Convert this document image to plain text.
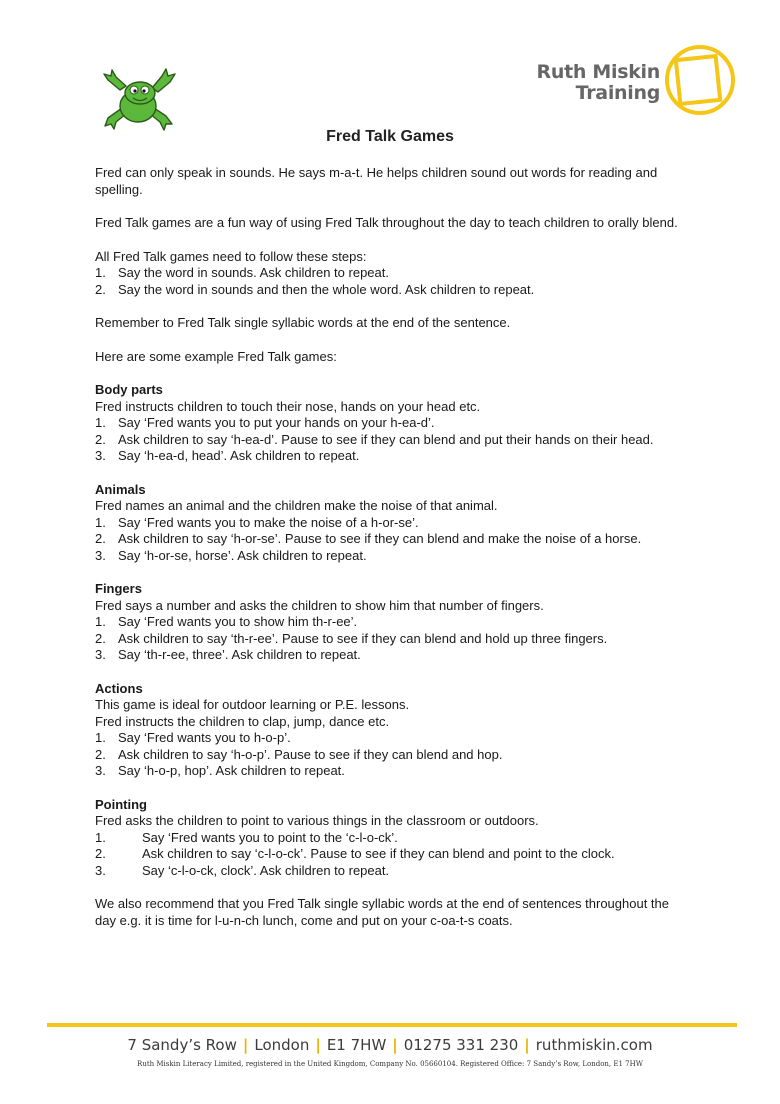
Ruth Miskin
Training
Fred Talk Games

Fred can only speak in sounds. He says m-a-t. He helps children sound out words for reading and spelling.

Fred Talk games are a fun way of using Fred Talk throughout the day to teach children to orally blend.

All Fred Talk games need to follow these steps:

1. Say the word in sounds. Ask children to repeat.
2. Say the word in sounds and then the whole word. Ask children to repeat.

Remember to Fred Talk single syllabic words at the end of the sentence.

Here are some example Fred Talk games:

Body parts

Fred instructs children to touch their nose, hands on your head etc.

1. Say ‘Fred wants you to put your hands on your h-ea-d’.
2. Ask children to say ‘h-ea-d’. Pause to see if they can blend and put their hands on their head.
3. Say ‘h-ea-d, head’. Ask children to repeat.

Animals

Fred names an animal and the children make the noise of that animal.

1. Say ‘Fred wants you to make the noise of a h-or-se’.
2. Ask children to say ‘h-or-se’. Pause to see if they can blend and make the noise of a horse.
3. Say ‘h-or-se, horse’. Ask children to repeat.

Fingers

Fred says a number and asks the children to show him that number of fingers.

1. Say ‘Fred wants you to show him th-r-ee’.
2. Ask children to say ‘th-r-ee’. Pause to see if they can blend and hold up three fingers.
3. Say ‘th-r-ee, three’. Ask children to repeat.

Actions

This game is ideal for outdoor learning or P.E. lessons.

Fred instructs the children to clap, jump, dance etc.

1. Say ‘Fred wants you to h-o-p’.
2. Ask children to say ‘h-o-p’. Pause to see if they can blend and hop.
3. Say ‘h-o-p, hop’. Ask children to repeat.

Pointing

Fred asks the children to point to various things in the classroom or outdoors.

1.	Say ‘Fred wants you to point to the ‘c-l-o-ck’.
2.	Ask children to say ‘c-l-o-ck’. Pause to see if they can blend and point to the clock.
3.	Say ‘c-l-o-ck, clock’. Ask children to repeat.

We also recommend that you Fred Talk single syllabic words at the end of sentences throughout the day e.g. it is time for l-u-n-ch lunch, come and put on your c-oa-t-s coats.

7 Sandy’s Row | London | E1 7HW | 01275 331 230 | ruthmiskin.com
Ruth Miskin Literacy Limited, registered in the United Kingdom, Company No. 05660104. Registered Office: 7 Sandy’s Row, London, E1 7HW
